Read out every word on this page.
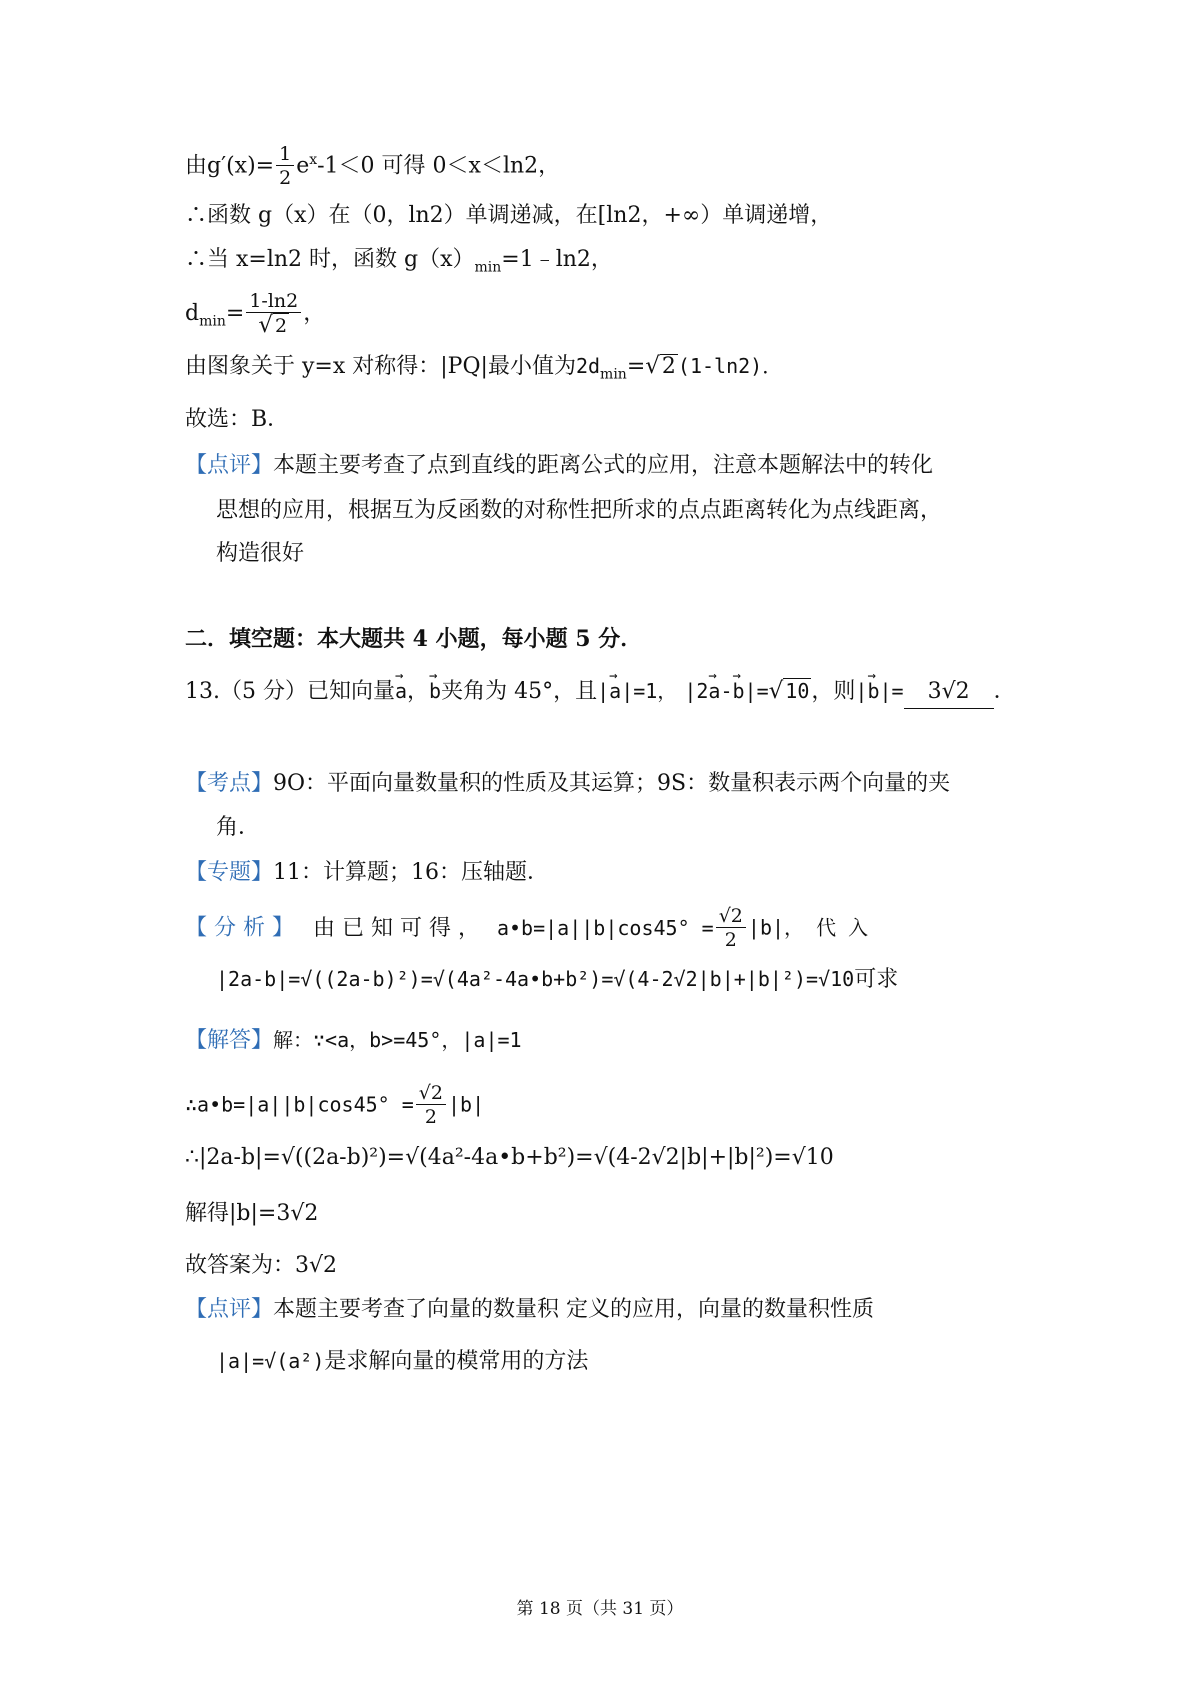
由$g'(x)= \frac{1}{2} e^x-1<0$ 可得 0＜x＜ln2，
∴函数 g（x）在（0，ln2）单调递减，在[ln2，+∞）单调递增，
∴当 x=ln2 时，函数 $g(x)_{min}=1﹣\ln 2$，
$d_{min}= \frac{1-\ln 2}{√ 2}$ ，
由图象关于 y=x 对称得：|PQ|最小值为$2d_{min}=√2$ (1-ln2)．
故选：B．
【点评】本题主要考查了点到直线的距离公式的应用，注意本题解法中的转化
思想的应用，根据互为反函数的对称性把所求的点点距离转化为点线距离，
构造很好
二．填空题：本大题共 4 小题，每小题 5 分．
13.（5 分）已知向量→ a，→ b夹角为 45°，且|→ a|=1， |2→ a-→ b|=√ 10，则|→ b|= 3√2 ．
【考点】9O：平面向量数量积的性质及其运算；9S：数量积表示两个向量的夹
角．
【专题】11：计算题；16：压轴题．
【 分 析 】 由 已 知 可 得 ， a•b=|a||b|cos45° = $\frac{√2}{2} |b|$， 代 入
|2a-b|=√((2a-b)²)=√(4a²-4a•b+b²)=√(4-2√2|b|+|b|²)=√10可求
【解答】解：∵<a，b>=45°，|a|=1
∴a•b=|a||b|cos45° = $\frac{√2}{2} |b|$
∴|2a-b|=√((2a-b)²)=√(4a²-4a•b+b²)=√(4-2√2|b|+|b|²)=√10
解得|b|=3√2
故答案为：3√2
【点评】本题主要考查了向量的数量积 定义的应用，向量的数量积性质
|a|=√(a²)是求解向量的模常用的方法
第 18 页（共 31 页）
